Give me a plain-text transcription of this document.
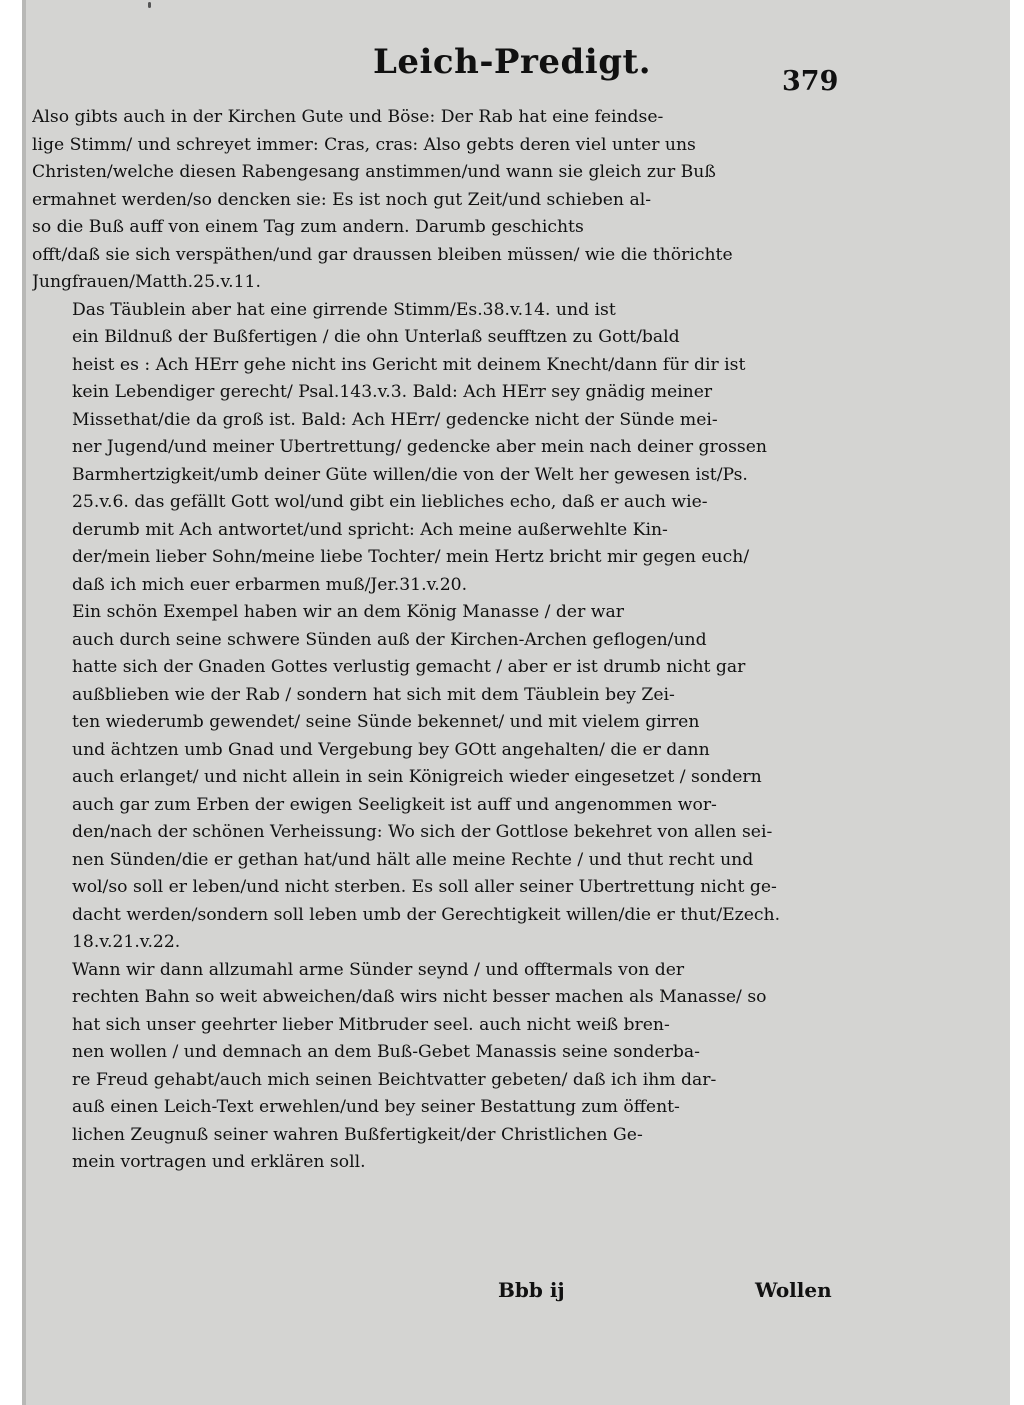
Leich-Predigt.	379
Also gibts auch in der Kirchen Gute und Böse: Der Rab hat eine feindse-
lige Stimm/ und schreyet immer: Cras, cras: Also gebts deren viel unter uns
Christen/welche diesen Rabengesang anstimmen/und wann sie gleich zur Buß
ermahnet werden/so dencken sie: Es ist noch gut Zeit/und schieben al-
so die Buß auff von einem Tag zum andern. Darumb geschichts
offt/daß sie sich verspäthen/und gar draussen bleiben müssen/ wie die thörichte
Jungfrauen/Matth.25.v.11.
Das Täublein aber hat eine girrende Stimm/Es.38.v.14. und ist
ein Bildnuß der Bußfertigen / die ohn Unterlaß seufftzen zu Gott/bald
heist es : Ach HErr gehe nicht ins Gericht mit deinem Knecht/dann für dir ist
kein Lebendiger gerecht/ Psal.143.v.3. Bald: Ach HErr sey gnädig meiner
Missethat/die da groß ist. Bald: Ach HErr/ gedencke nicht der Sünde mei-
ner Jugend/und meiner Ubertrettung/ gedencke aber mein nach deiner grossen
Barmhertzigkeit/umb deiner Güte willen/die von der Welt her gewesen ist/Ps.
25.v.6. das gefällt Gott wol/und gibt ein liebliches echo, daß er auch wie-
derumb mit Ach antwortet/und spricht: Ach meine außerwehlte Kin-
der/mein lieber Sohn/meine liebe Tochter/ mein Hertz bricht mir gegen euch/
daß ich mich euer erbarmen muß/Jer.31.v.20.
Ein schön Exempel haben wir an dem König Manasse / der war
auch durch seine schwere Sünden auß der Kirchen-Archen geflogen/und
hatte sich der Gnaden Gottes verlustig gemacht / aber er ist drumb nicht gar
außblieben wie der Rab / sondern hat sich mit dem Täublein bey Zei-
ten wiederumb gewendet/ seine Sünde bekennet/ und mit vielem girren
und ächtzen umb Gnad und Vergebung bey GOtt angehalten/ die er dann
auch erlanget/ und nicht allein in sein Königreich wieder eingesetzet / sondern
auch gar zum Erben der ewigen Seeligkeit ist auff und angenommen wor-
den/nach der schönen Verheissung: Wo sich der Gottlose bekehret von allen sei-
nen Sünden/die er gethan hat/und hält alle meine Rechte / und thut recht und
wol/so soll er leben/und nicht sterben. Es soll aller seiner Ubertrettung nicht ge-
dacht werden/sondern soll leben umb der Gerechtigkeit willen/die er thut/Ezech.
18.v.21.v.22.
Wann wir dann allzumahl arme Sünder seynd / und offtermals von der
rechten Bahn so weit abweichen/daß wirs nicht besser machen als Manasse/ so
hat sich unser geehrter lieber Mitbruder seel. auch nicht weiß bren-
nen wollen / und demnach an dem Buß-Gebet Manassis seine sonderba-
re Freud gehabt/auch mich seinen Beichtvatter gebeten/ daß ich ihm dar-
auß einen Leich-Text erwehlen/und bey seiner Bestattung zum öffent-
lichen Zeugnuß seiner wahren Bußfertigkeit/der Christlichen Ge-
mein vortragen und erklären soll.
Bbb ij	Wollen
